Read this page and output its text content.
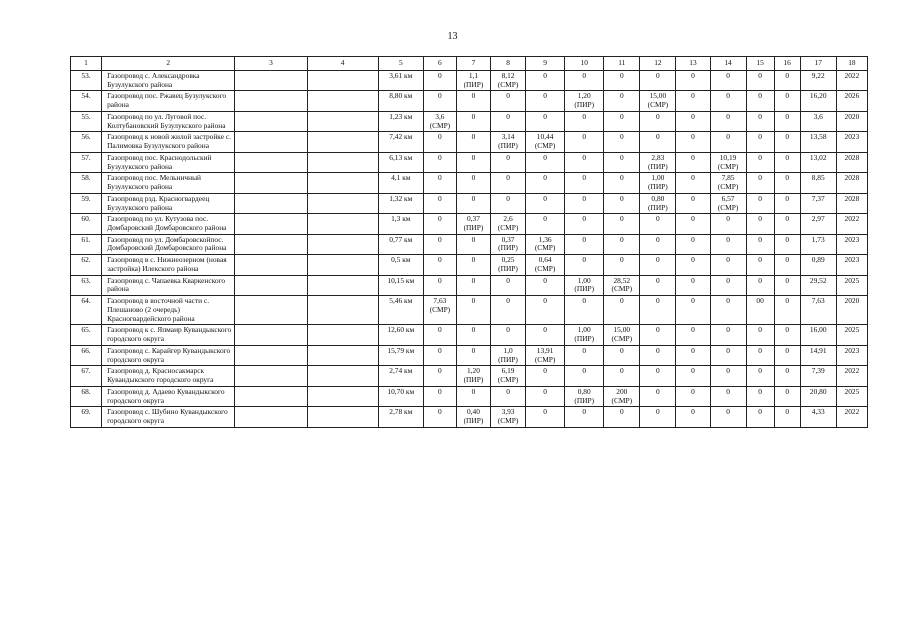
13
1	2	3	4	5	6	7	8	9	10	11	12	13	14	15	16	17	18
53.	Газопровод с. Александровка Бузулукского района			3,61 км	0	1,1 (ПИР)	8,12 (СМР)	0	0	0	0	0	0	0	0	9,22	2022
54.	Газопровод пос. Ржавец Бузулукского района			8,80 км	0	0	0	0	1,20 (ПИР)	0	15,00 (СМР)	0	0	0	0	16,20	2026
55.	Газопровод по ул. Луговой пос. Колтубановский Бузулукского района			1,23 км	3,6 (СМР)	0	0	0	0	0	0	0	0	0	0	3,6	2020
56.	Газопровод к новой жилой застройке с. Палимовка Бузулукского района			7,42 км	0	0	3,14 (ПИР)	10,44 (СМР)	0	0	0	0	0	0	0	13,58	2023
57.	Газопровод пос. Краснодольский Бузулукского района			6,13 км	0	0	0	0	0	0	2,83 (ПИР)	0	10,19 (СМР)	0	0	13,02	2028
58.	Газопровод пос. Мельничный Бузулукского района			4,1 км	0	0	0	0	0	0	1,00 (ПИР)	0	7,85 (СМР)	0	0	8,85	2028
59.	Газопровод рзд. Красногвардеец Бузулукского района			1,32 км	0	0	0	0	0	0	0,80 (ПИР)	0	6,57 (СМР)	0	0	7,37	2028
60.	Газопровод по ул. Кутузова пос. Домбаровский Домбаровского района			1,3 км	0	0,37 (ПИР)	2,6 (СМР)	0	0	0	0	0	0	0	0	2,97	2022
61.	Газопровод по ул. Домбаровскойпос. Домбаровский Домбаровского района			0,77 км	0	0	0,37 (ПИР)	1,36 (СМР)	0	0	0	0	0	0	0	1,73	2023
62.	Газопровод в с. Нижнеозерном (новая застройка) Илекского района			0,5 км	0	0	0,25 (ПИР)	0,64 (СМР)	0	0	0	0	0	0	0	0,89	2023
63.	Газопровод с. Чапаевка Кваркенского района			10,15 км	0	0	0	0	1,00 (ПИР)	28,52 (СМР)	0	0	0	0	0	29,52	2025
64.	Газопровод в восточной части с. Плешаново (2 очередь) Красногвардейского района			5,46 км	7,63 (СМР)	0	0	0	0	0	0	0	0	00	0	7,63	2020
65.	Газопровод к с. Япмаир Кувандыкского городского округа			12,60 км	0	0	0	0	1,00 (ПИР)	15,00 (СМР)	0	0	0	0	0	16,00	2025
66.	Газопровод с. Карайгер Кувандыкского городского округа			15,79 км	0	0	1,0 (ПИР)	13,91 (СМР)	0	0	0	0	0	0	0	14,91	2023
67.	Газопровод д. Красносакмарск Кувандыкского городского округа			2,74 км	0	1,20 (ПИР)	6,19 (СМР)	0	0	0	0	0	0	0	0	7,39	2022
68.	Газопровод д. Адаево Кувандыкского городского округа			10,70 км	0	0	0	0	0,80 (ПИР)	200 (СМР)	0	0	0	0	0	20,80	2025
69.	Газопровод с. Шубино Кувандыкского городского округа			2,78 км	0	0,40 (ПИР)	3,93 (СМР)	0	0	0	0	0	0	0	0	4,33	2022
